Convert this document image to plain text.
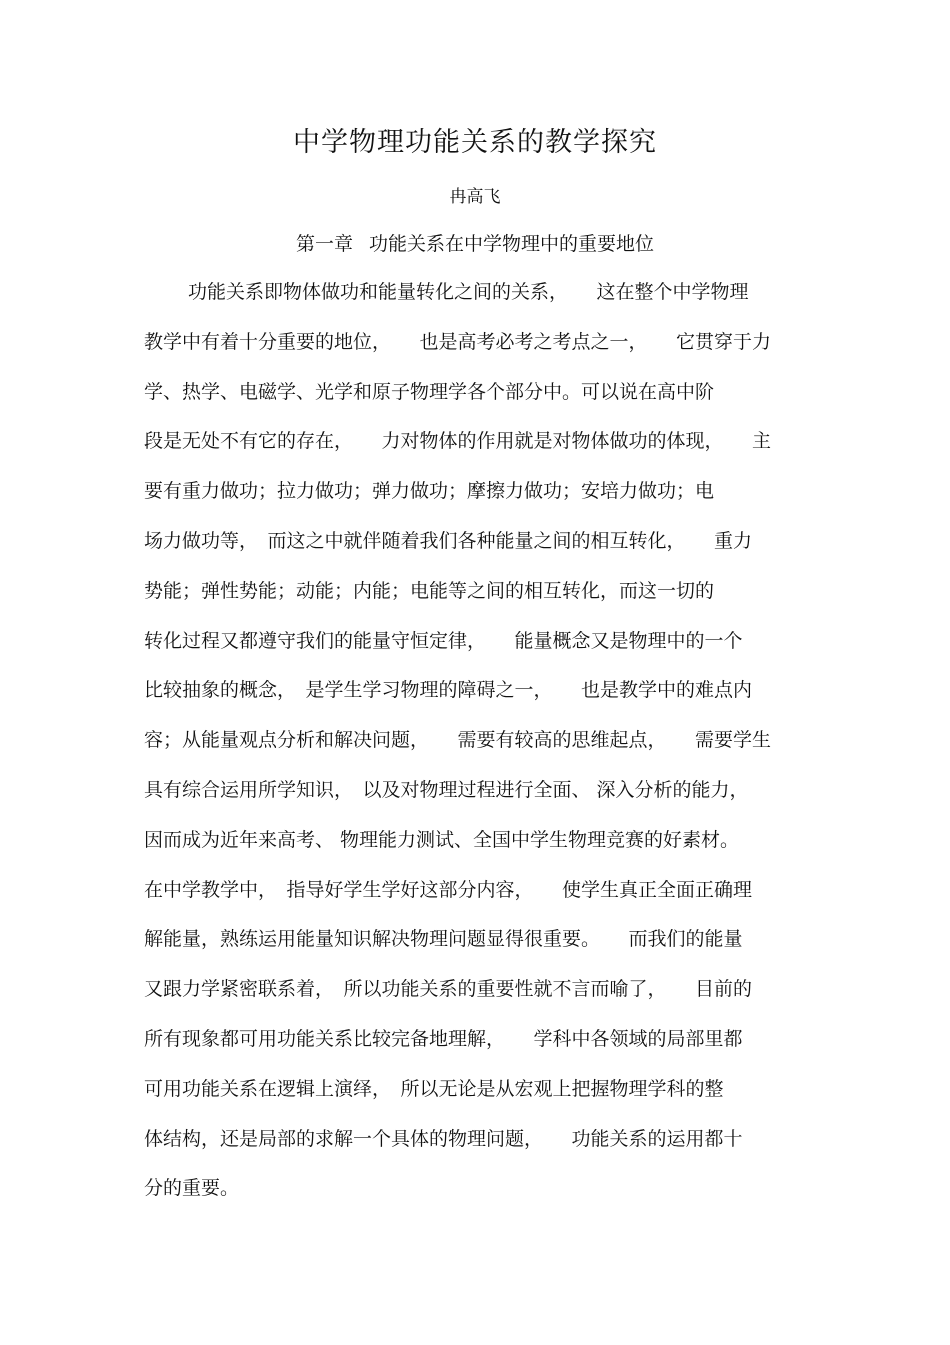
中学物理功能关系的教学探究
冉高飞
第一章 功能关系在中学物理中的重要地位
功能关系即物体做功和能量转化之间的关系，　　这在整个中学物理
教学中有着十分重要的地位，　　也是高考必考之考点之一，　　它贯穿于力
学、热学、电磁学、光学和原子物理学各个部分中。可以说在高中阶
段是无处不有它的存在，　　力对物体的作用就是对物体做功的体现，　　主
要有重力做功；拉力做功；弹力做功；摩擦力做功；安培力做功；电
场力做功等，　而这之中就伴随着我们各种能量之间的相互转化，　　重力
势能；弹性势能；动能；内能；电能等之间的相互转化，而这一切的
转化过程又都遵守我们的能量守恒定律，　　能量概念又是物理中的一个
比较抽象的概念，　是学生学习物理的障碍之一，　　也是教学中的难点内
容；从能量观点分析和解决问题，　　需要有较高的思维起点，　　需要学生
具有综合运用所学知识，　以及对物理过程进行全面、 深入分析的能力，
因而成为近年来高考、 物理能力测试、全国中学生物理竞赛的好素材。
在中学教学中，　指导好学生学好这部分内容，　　使学生真正全面正确理
解能量，熟练运用能量知识解决物理问题显得很重要。　　而我们的能量
又跟力学紧密联系着，　所以功能关系的重要性就不言而喻了，　　目前的
所有现象都可用功能关系比较完备地理解，　　学科中各领域的局部里都
可用功能关系在逻辑上演绎，　所以无论是从宏观上把握物理学科的整
体结构，还是局部的求解一个具体的物理问题，　　功能关系的运用都十
分的重要。
